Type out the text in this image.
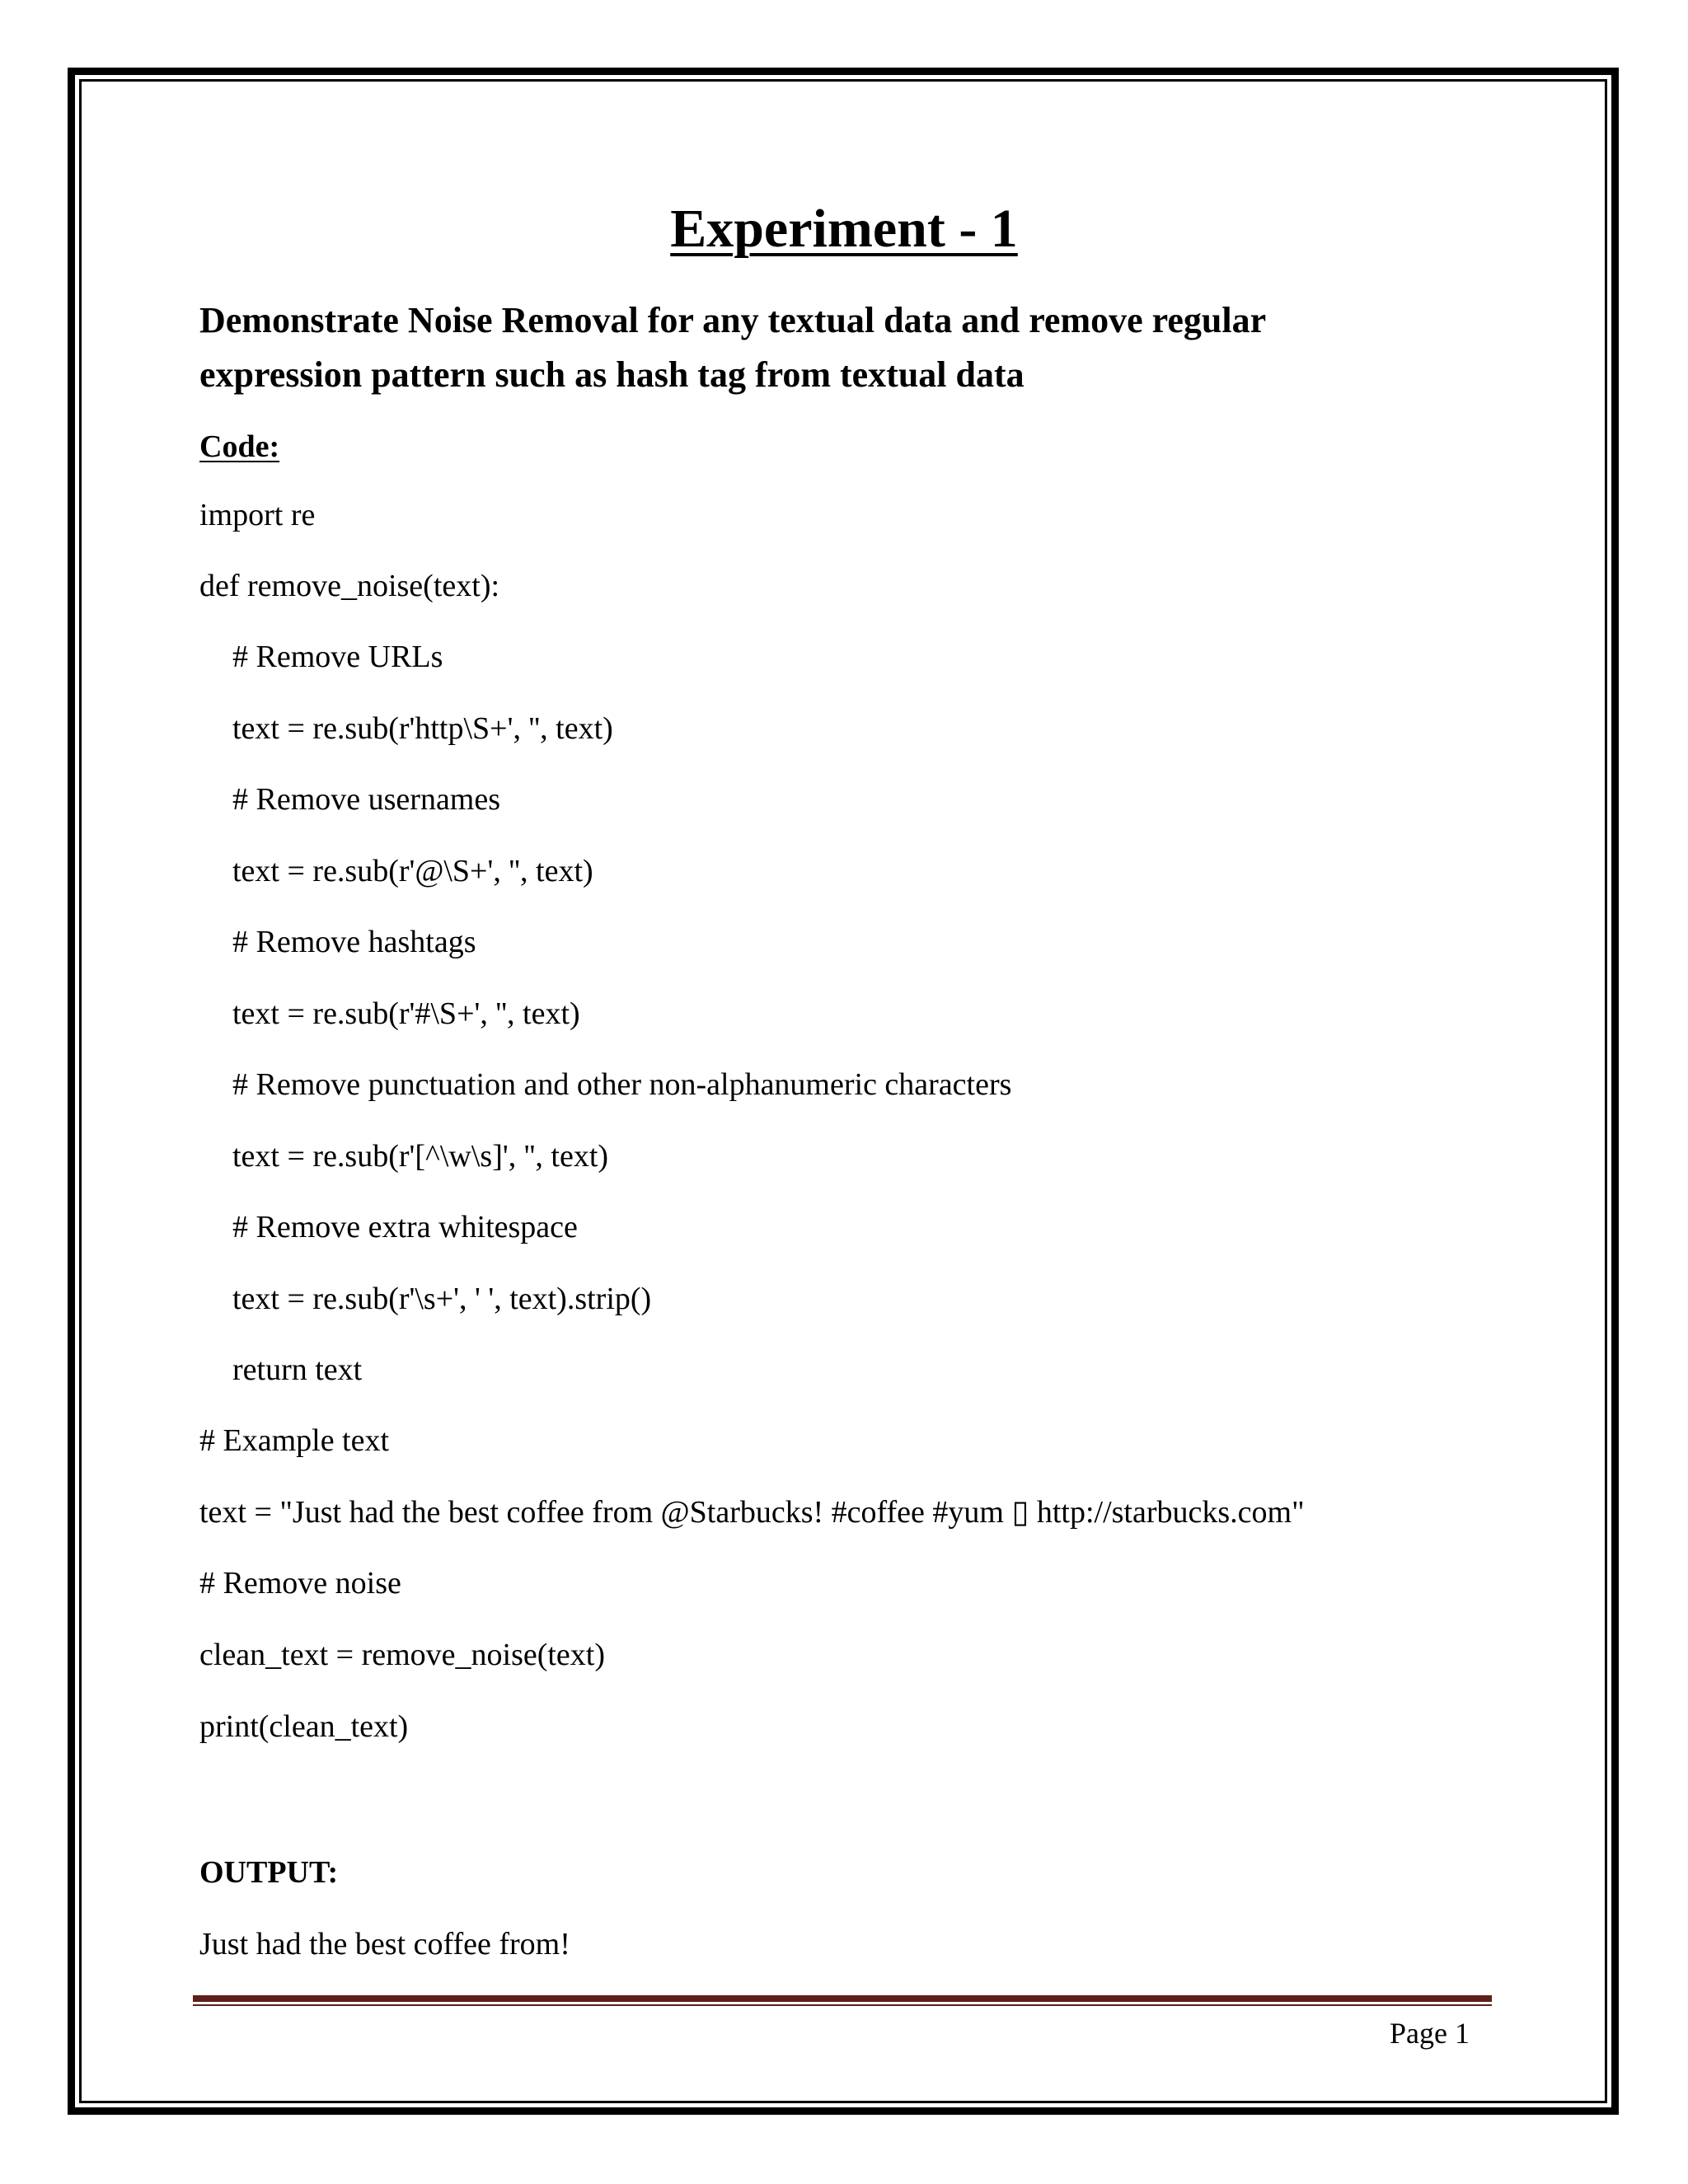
Experiment - 1
Demonstrate Noise Removal for any textual data and remove regular
expression pattern such as hash tag from textual data
Code:
import re
def remove_noise(text):
# Remove URLs
text = re.sub(r'http\S+', '', text)
# Remove usernames
text = re.sub(r'@\S+', '', text)
# Remove hashtags
text = re.sub(r'#\S+', '', text)
# Remove punctuation and other non-alphanumeric characters
text = re.sub(r'[^\w\s]', '', text)
# Remove extra whitespace
text = re.sub(r'\s+', ' ', text).strip()
return text
# Example text
text = "Just had the best coffee from @Starbucks! #coffee #yum ▯ http://starbucks.com"
# Remove noise
clean_text = remove_noise(text)
print(clean_text)
OUTPUT:
Just had the best coffee from!
Page 1
